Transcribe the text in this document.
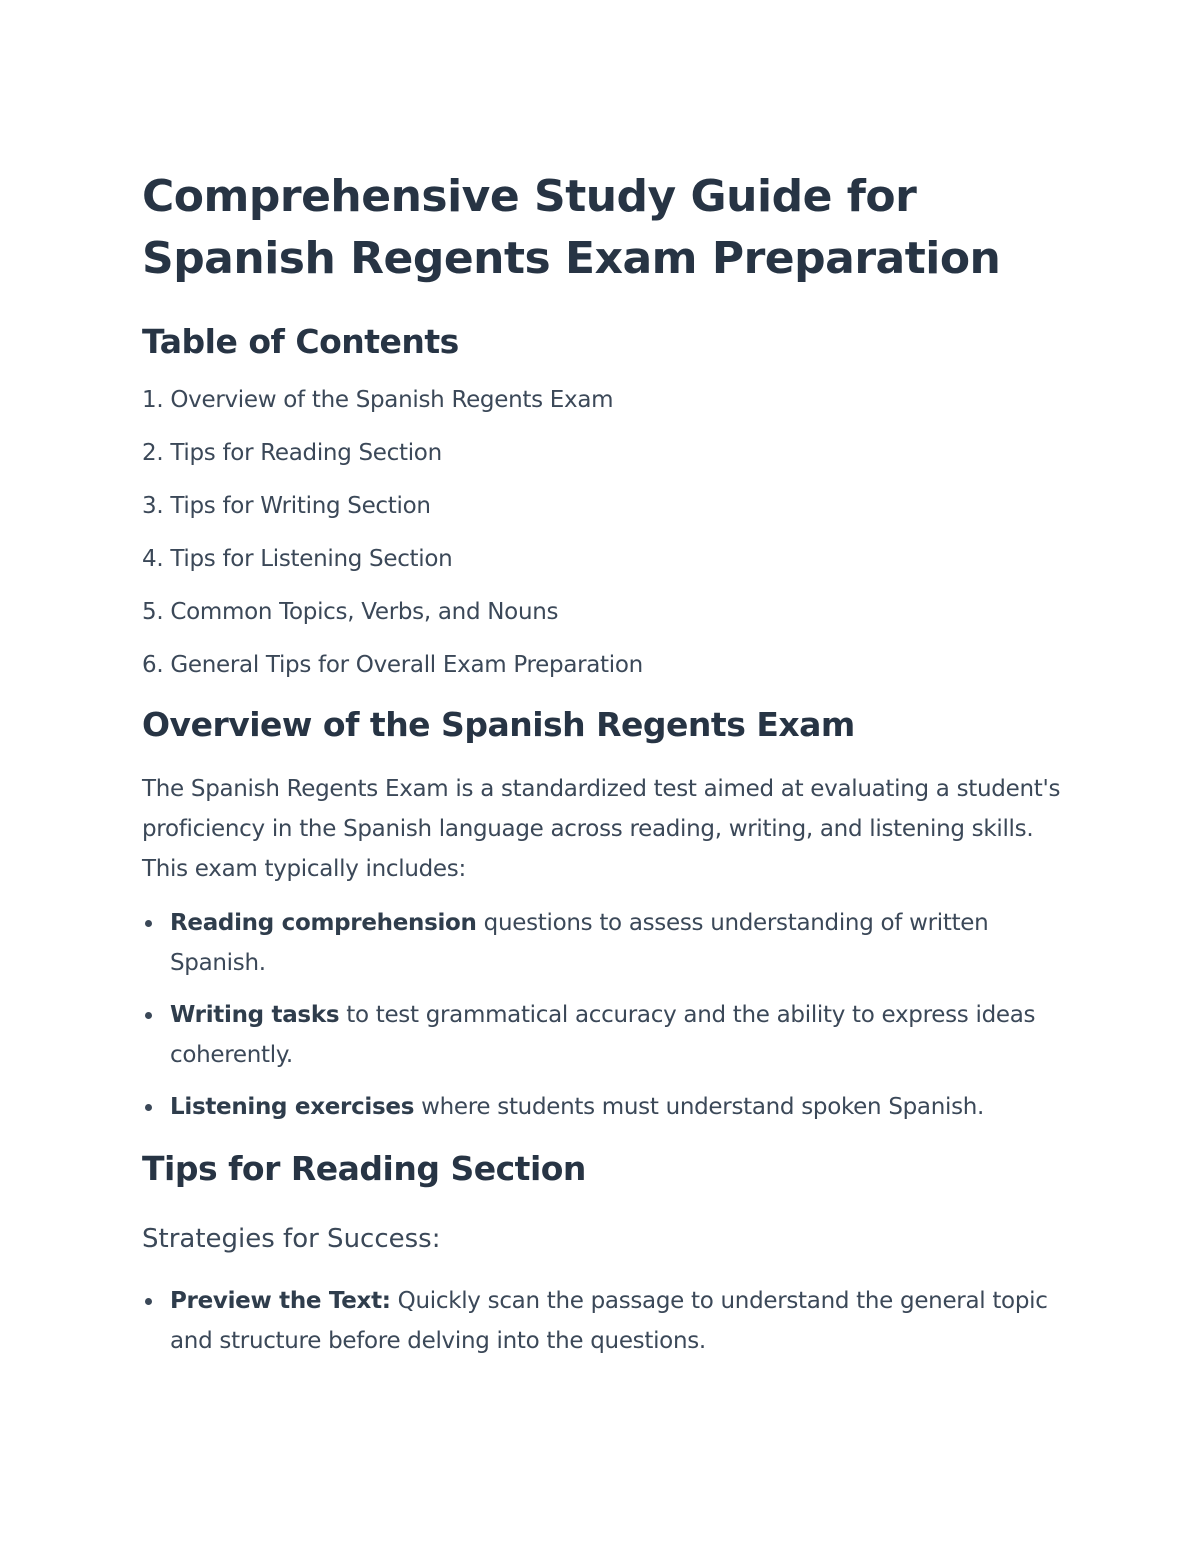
Comprehensive Study Guide for Spanish Regents Exam Preparation
Table of Contents
1. Overview of the Spanish Regents Exam
2. Tips for Reading Section
3. Tips for Writing Section
4. Tips for Listening Section
5. Common Topics, Verbs, and Nouns
6. General Tips for Overall Exam Preparation
Overview of the Spanish Regents Exam

The Spanish Regents Exam is a standardized test aimed at evaluating a student's proficiency in the Spanish language across reading, writing, and listening skills. This exam typically includes:

Reading comprehension questions to assess understanding of written Spanish.
Writing tasks to test grammatical accuracy and the ability to express ideas coherently.
Listening exercises where students must understand spoken Spanish.
Tips for Reading Section
Strategies for Success:
Preview the Text: Quickly scan the passage to understand the general topic and structure before delving into the questions.
